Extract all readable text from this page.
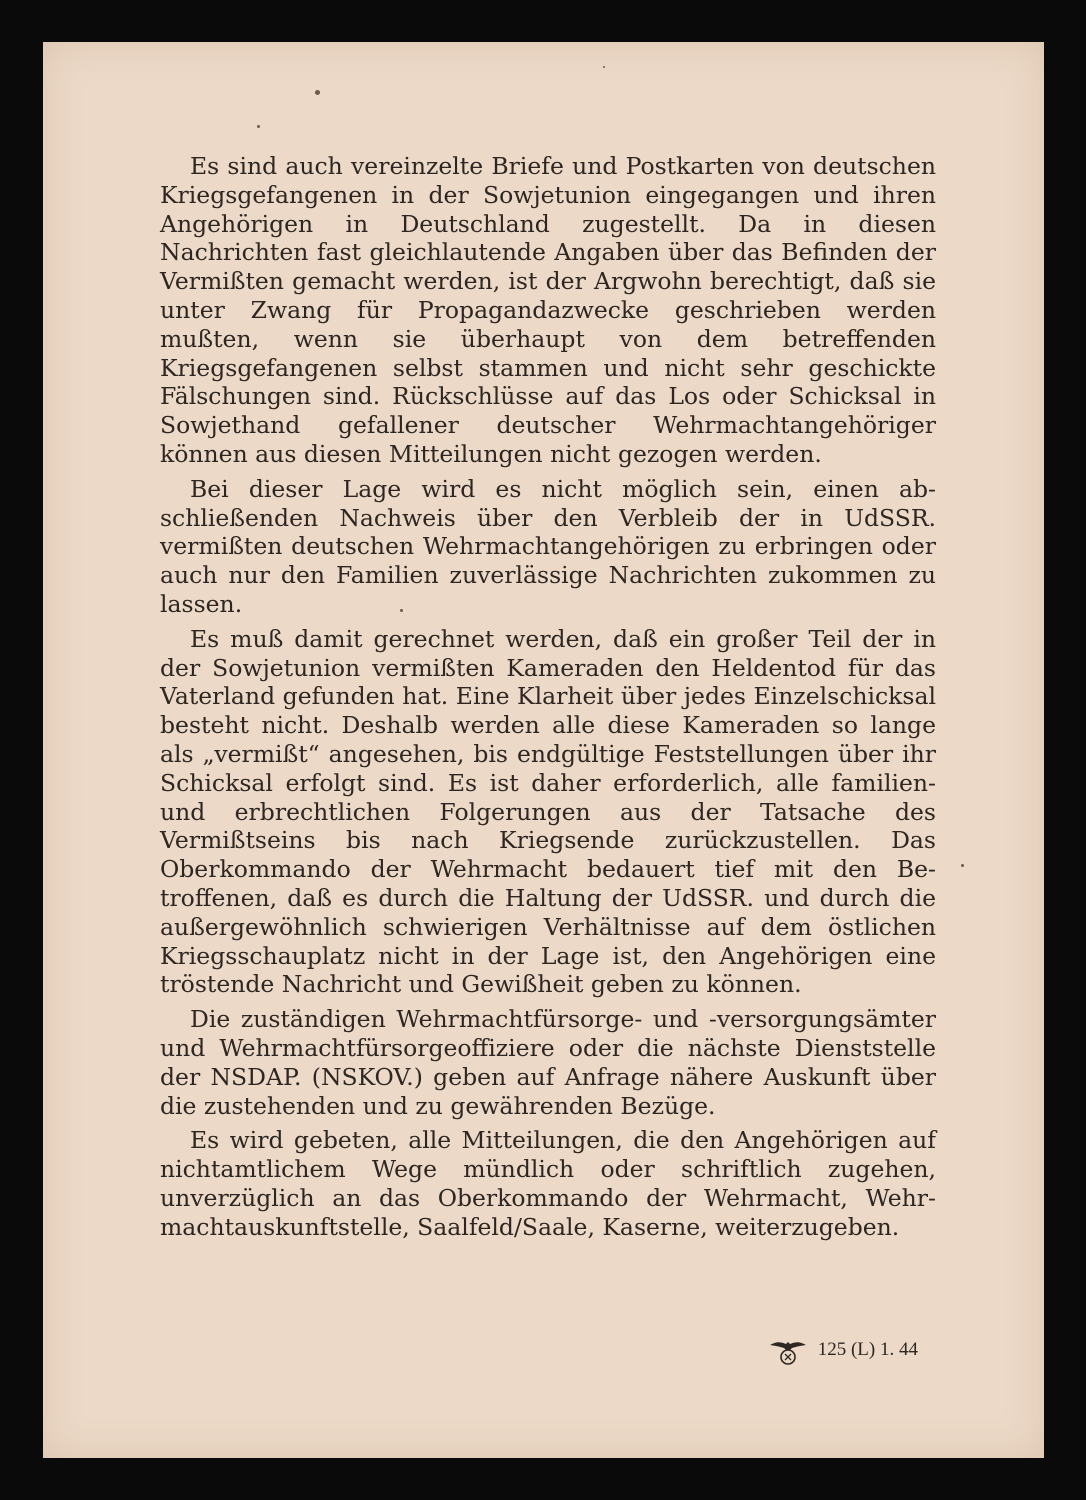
Es sind auch vereinzelte Briefe und Postkarten von deutschen Kriegsgefangenen in der Sowjetunion eingegangen und ihren Angehörigen in Deutschland zugestellt. Da in diesen Nachrichten fast gleichlautende Angaben über das Befinden der Vermißten gemacht werden, ist der Argwohn berechtigt, daß sie unter Zwang für Propagandazwecke geschrieben werden mußten, wenn sie überhaupt von dem betreffenden Kriegsgefangenen selbst stammen und nicht sehr geschickte Fälschungen sind. Rückschlüsse auf das Los oder Schicksal in Sowjethand gefallener deutscher Wehrmachtangehöriger können aus diesen Mitteilungen nicht gezogen werden.

Bei dieser Lage wird es nicht möglich sein, einen abschließenden Nachweis über den Verbleib der in UdSSR. vermißten deutschen Wehrmachtangehörigen zu erbringen oder auch nur den Familien zuverlässige Nachrichten zukommen zu lassen.

Es muß damit gerechnet werden, daß ein großer Teil der in der Sowjetunion vermißten Kameraden den Heldentod für das Vaterland gefunden hat. Eine Klarheit über jedes Einzelschicksal besteht nicht. Deshalb werden alle diese Kameraden so lange als „vermißt“ angesehen, bis endgültige Feststellungen über ihr Schicksal erfolgt sind. Es ist daher erforderlich, alle familien- und erbrechtlichen Folgerungen aus der Tatsache des Vermißtseins bis nach Kriegsende zurückzustellen. Das Oberkommando der Wehrmacht bedauert tief mit den Betroffenen, daß es durch die Haltung der UdSSR. und durch die außergewöhnlich schwierigen Verhältnisse auf dem östlichen Kriegsschauplatz nicht in der Lage ist, den Angehörigen eine tröstende Nachricht und Gewißheit geben zu können.

Die zuständigen Wehrmachtfürsorge- und -versorgungsämter und Wehrmachtfürsorgeoffiziere oder die nächste Dienststelle der NSDAP. (NSKOV.) geben auf Anfrage nähere Auskunft über die zustehenden und zu gewährenden Bezüge.

Es wird gebeten, alle Mitteilungen, die den Angehörigen auf nichtamtlichem Wege mündlich oder schriftlich zugehen, unverzüglich an das Oberkommando der Wehrmacht, Wehrmachtauskunftstelle, Saalfeld/Saale, Kaserne, weiterzugeben.

125 (L) 1. 44
